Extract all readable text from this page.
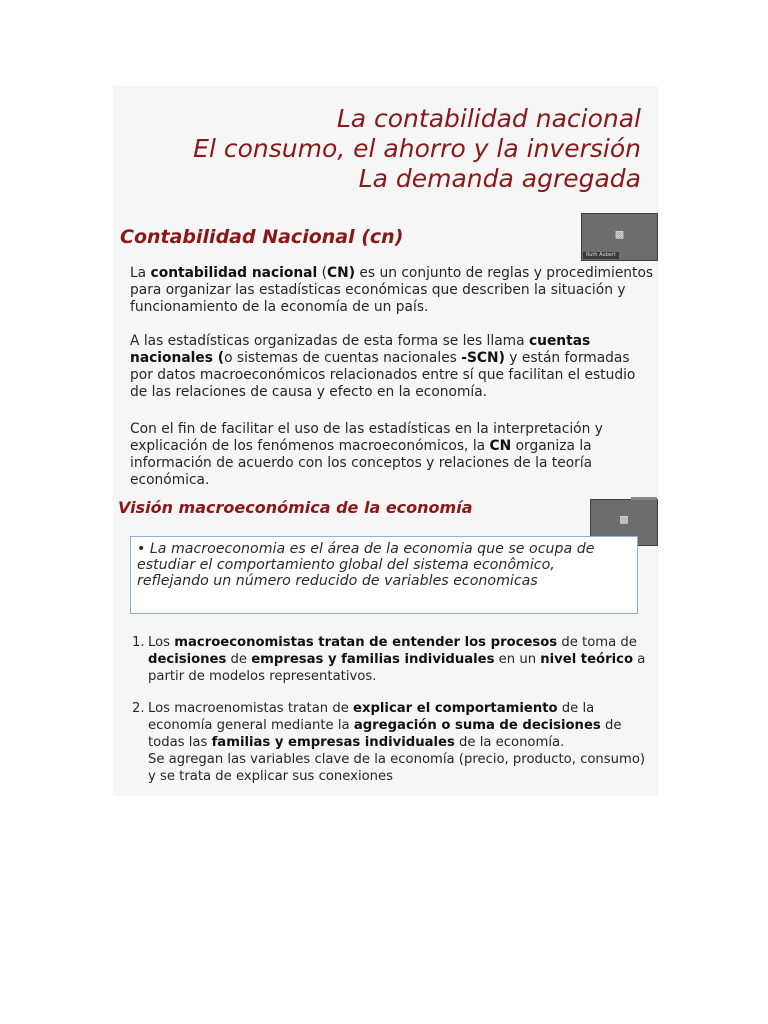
La contabilidad nacional
El consumo, el ahorro y la inversión
La demanda agregada
Contabilidad Nacional (cn)	▩
Ruth Aubert
La contabilidad nacional (CN) es un conjunto de reglas y procedimientos para organizar las estadísticas económicas que describen la situación y funcionamiento de la economía de un país.
A las estadísticas organizadas de esta forma se les llama cuentas nacionales (o sistemas de cuentas nacionales -SCN) y están formadas por datos macroeconómicos relacionados entre sí que facilitan el estudio de las relaciones de causa y efecto en la economía.
Con el fin de facilitar el uso de las estadísticas en la interpretación y explicación de los fenómenos macroeconómicos, la CN organiza la información de acuerdo con los conceptos y relaciones de la teoría económica.
Visión macroeconómica de la economía
▩
• La macroeconomia es el área de la economia que se ocupa de estudiar el comportamiento global del sistema econômico, reflejando un número reducido de variables economicas
1. Los macroeconomistas tratan de entender los procesos de toma de decisiones de empresas y familias individuales en un nivel teórico a partir de modelos representativos.
2. Los macroenomistas tratan de explicar el comportamiento de la economía general mediante la agregación o suma de decisiones de todas las familias y empresas individuales de la economía.
Se agregan las variables clave de la economía (precio, producto, consumo) y se trata de explicar sus conexiones
